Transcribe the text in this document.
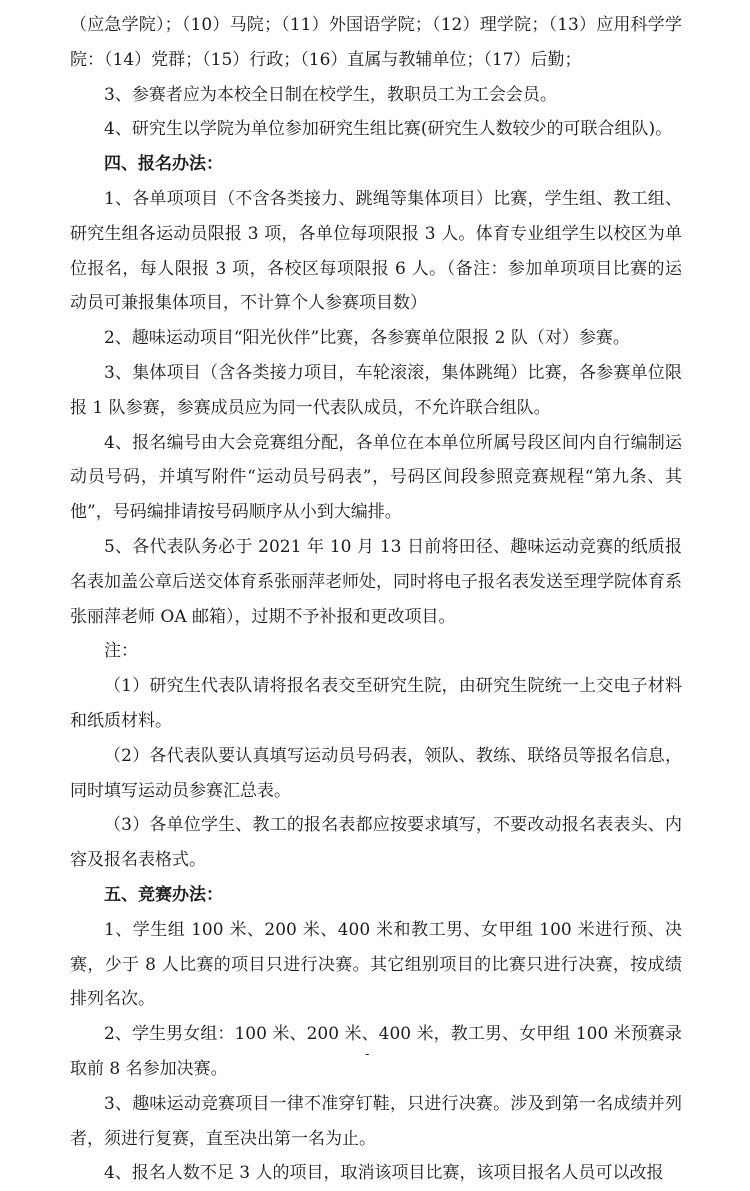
（应急学院）；（10）马院；（11）外国语学院；（12）理学院；（13）应用科学学院：（14）党群；（15）行政；（16）直属与教辅单位；（17）后勤；

3、参赛者应为本校全日制在校学生，教职员工为工会会员。

4、研究生以学院为单位参加研究生组比赛(研究生人数较少的可联合组队)。

四、报名办法：

1、各单项项目（不含各类接力、跳绳等集体项目）比赛，学生组、教工组、研究生组各运动员限报 3 项，各单位每项限报 3 人。体育专业组学生以校区为单位报名，每人限报 3 项，各校区每项限报 6 人。（备注：参加单项项目比赛的运动员可兼报集体项目，不计算个人参赛项目数）

2、趣味运动项目“阳光伙伴”比赛，各参赛单位限报 2 队（对）参赛。

3、集体项目（含各类接力项目，车轮滚滚，集体跳绳）比赛，各参赛单位限报 1 队参赛，参赛成员应为同一代表队成员，不允许联合组队。

4、报名编号由大会竞赛组分配，各单位在本单位所属号段区间内自行编制运动员号码，并填写附件“运动员号码表”，号码区间段参照竞赛规程“第九条、其他”，号码编排请按号码顺序从小到大编排。

5、各代表队务必于 2021 年 10 月 13 日前将田径、趣味运动竞赛的纸质报名表加盖公章后送交体育系张丽萍老师处，同时将电子报名表发送至理学院体育系张丽萍老师 OA 邮箱），过期不予补报和更改项目。

注：

（1）研究生代表队请将报名表交至研究生院，由研究生院统一上交电子材料和纸质材料。

（2）各代表队要认真填写运动员号码表，领队、教练、联络员等报名信息，同时填写运动员参赛汇总表。

（3）各单位学生、教工的报名表都应按要求填写，不要改动报名表表头、内容及报名表格式。

五、竞赛办法：

1、学生组 100 米、200 米、400 米和教工男、女甲组 100 米进行预、决赛，少于 8 人比赛的项目只进行决赛。其它组别项目的比赛只进行决赛，按成绩排列名次。

2、学生男女组：100 米、200 米、400 米，教工男、女甲组 100 米预赛录取前 8 名参加决赛。

3、趣味运动竞赛项目一律不准穿钉鞋，只进行决赛。涉及到第一名成绩并列者，须进行复赛，直至决出第一名为止。

4、报名人数不足 3 人的项目，取消该项目比赛，该项目报名人员可以改报

-
